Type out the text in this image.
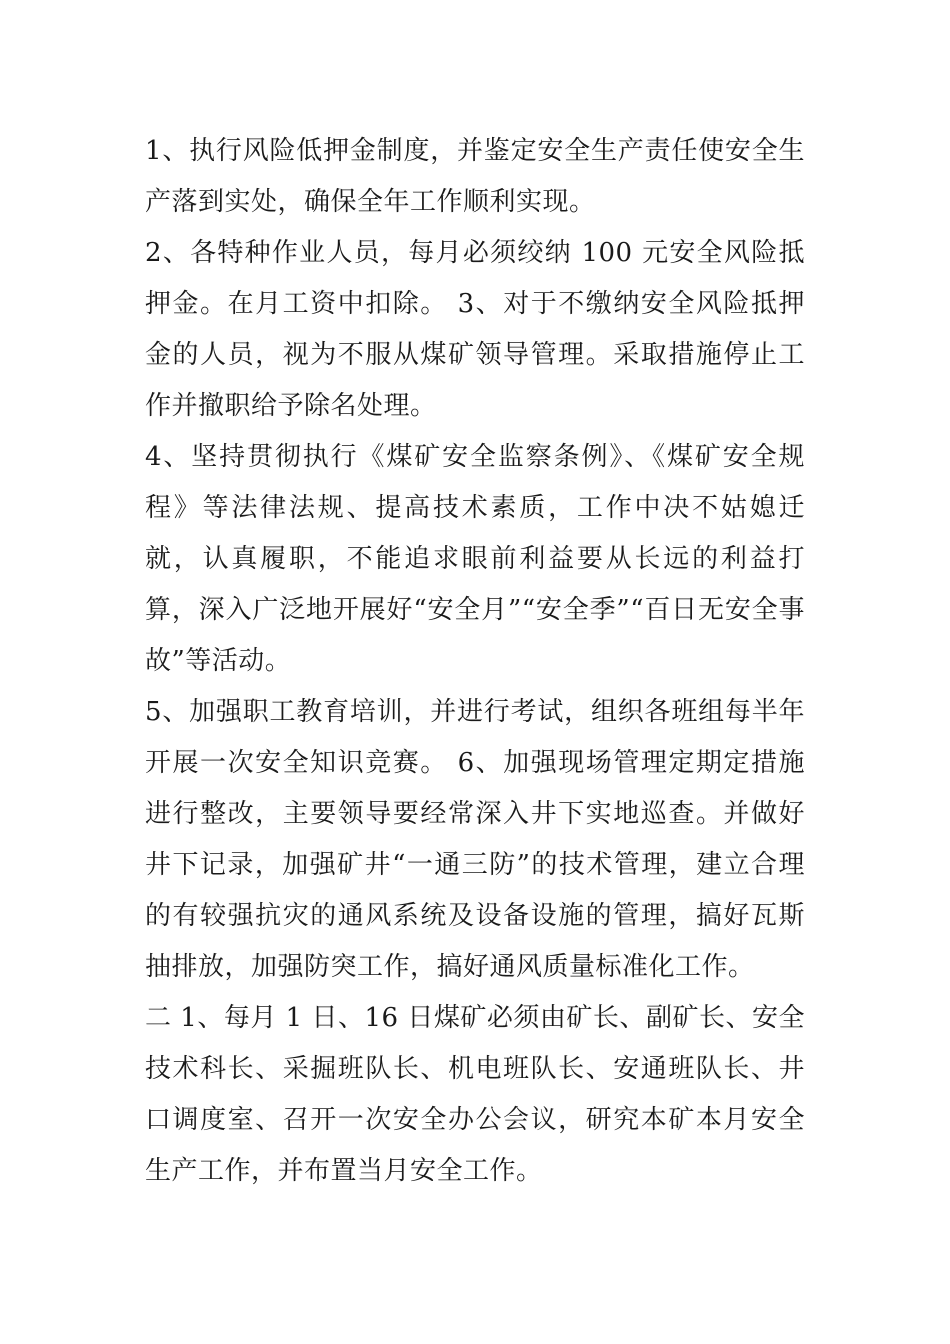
1、执行风险低押金制度，并鉴定安全生产责任使安全生产落到实处，确保全年工作顺利实现。

2、各特种作业人员，每月必须绞纳 100 元安全风险抵押金。在月工资中扣除。 3、对于不缴纳安全风险抵押金的人员，视为不服从煤矿领导管理。采取措施停止工作并撤职给予除名处理。

4、坚持贯彻执行《煤矿安全监察条例》、《煤矿安全规程》等法律法规、提高技术素质，工作中决不姑媳迁就，认真履职，不能追求眼前利益要从长远的利益打算，深入广泛地开展好“安全月”“安全季”“百日无安全事故”等活动。

5、加强职工教育培训，并进行考试，组织各班组每半年开展一次安全知识竞赛。 6、加强现场管理定期定措施进行整改，主要领导要经常深入井下实地巡查。并做好井下记录，加强矿井“一通三防”的技术管理，建立合理的有较强抗灾的通风系统及设备设施的管理，搞好瓦斯抽排放，加强防突工作，搞好通风质量标准化工作。

二 1、每月 1 日、16 日煤矿必须由矿长、副矿长、安全技术科长、采掘班队长、机电班队长、安通班队长、井口调度室、召开一次安全办公会议，研究本矿本月安全生产工作，并布置当月安全工作。
